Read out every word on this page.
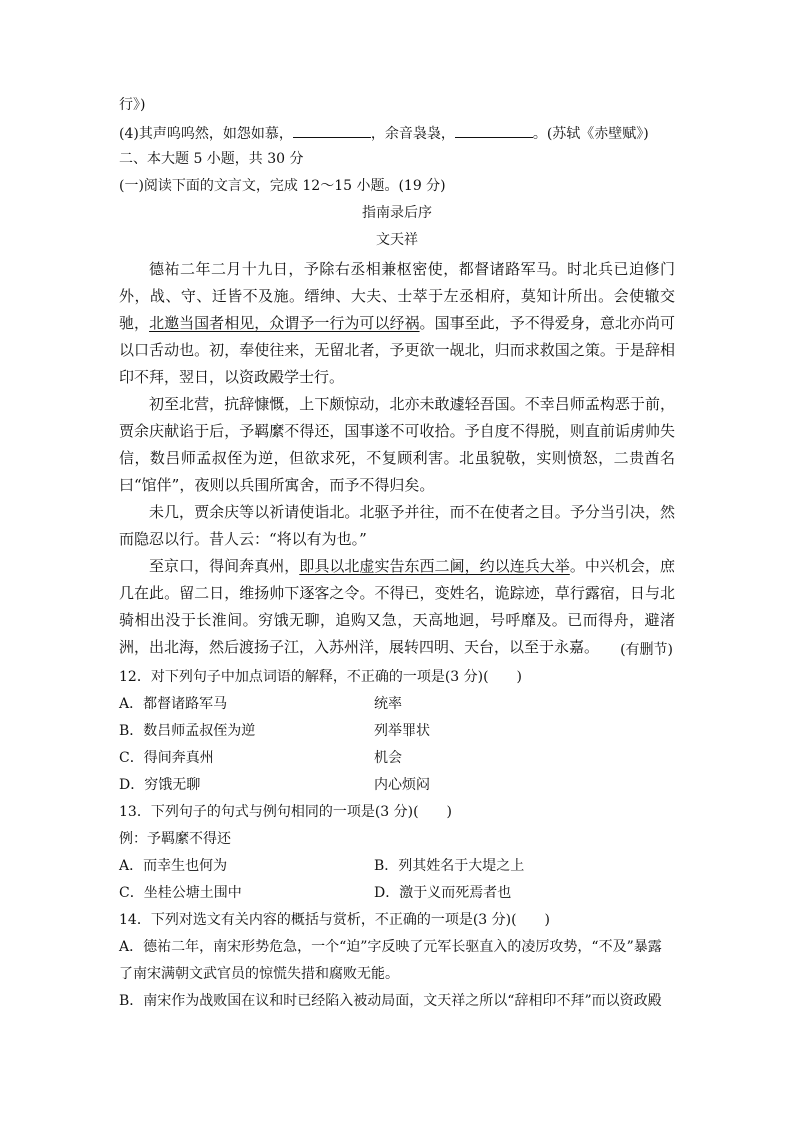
行》)
(4)其声呜呜然，如怨如慕，	，余音袅袅，	。(苏轼《赤壁赋》)
二、本大题 5 小题，共 30 分
(一)阅读下面的文言文，完成 12～15 小题。(19 分)
指南录后序
文天祥

德祐二年二月十九日，予除右丞相兼枢密使，都督诸路军马。时北兵已迫修门外，战、守、迁皆不及施。缙绅、大夫、士萃于左丞相府，莫知计所出。会使辙交驰，北邀当国者相见，众谓予一行为可以纾祸。国事至此，予不得爱身，意北亦尚可以口舌动也。初，奉使往来，无留北者，予更欲一觇北，归而求救国之策。于是辞相印不拜，翌日，以资政殿学士行。

初至北营，抗辞慷慨，上下颇惊动，北亦未敢遽轻吾国。不幸吕师孟构恶于前，贾余庆献谄于后，予羁縻不得还，国事遂不可收拾。予自度不得脱，则直前诟虏帅失信，数吕师孟叔侄为逆，但欲求死，不复顾利害。北虽貌敬，实则愤怒，二贵酋名曰“馆伴”，夜则以兵围所寓舍，而予不得归矣。

未几，贾余庆等以祈请使诣北。北驱予并往，而不在使者之目。予分当引决，然而隐忍以行。昔人云：“将以有为也。”

至京口，得间奔真州，即具以北虚实告东西二阃，约以连兵大举。中兴机会，庶几在此。留二日，维扬帅下逐客之令。不得已，变姓名，诡踪迹，草行露宿，日与北骑相出没于长淮间。穷饿无聊，追购又急，天高地迥，号呼靡及。已而得舟，避渚洲，出北海，然后渡扬子江，入苏州洋，展转四明、天台，以至于永嘉。	(有删节)
12．对下列句子中加点词语的解释，不正确的一项是(3 分)(　　)
A．都督诸路军马	统率
B．数吕师孟叔侄为逆	列举罪状
C．得间奔真州	机会
D．穷饿无聊	内心烦闷
13．下列句子的句式与例句相同的一项是(3 分)(　　)
例：予羁縻不得还
A．而幸生也何为	B．列其姓名于大堤之上
C．坐桂公塘土围中	D．激于义而死焉者也
14．下列对选文有关内容的概括与赏析，不正确的一项是(3 分)(　　)

A．德祐二年，南宋形势危急，一个“迫”字反映了元军长驱直入的凌厉攻势，“不及”暴露了南宋满朝文武官员的惊慌失措和腐败无能。

B．南宋作为战败国在议和时已经陷入被动局面，文天祥之所以“辞相印不拜”而以资政殿
